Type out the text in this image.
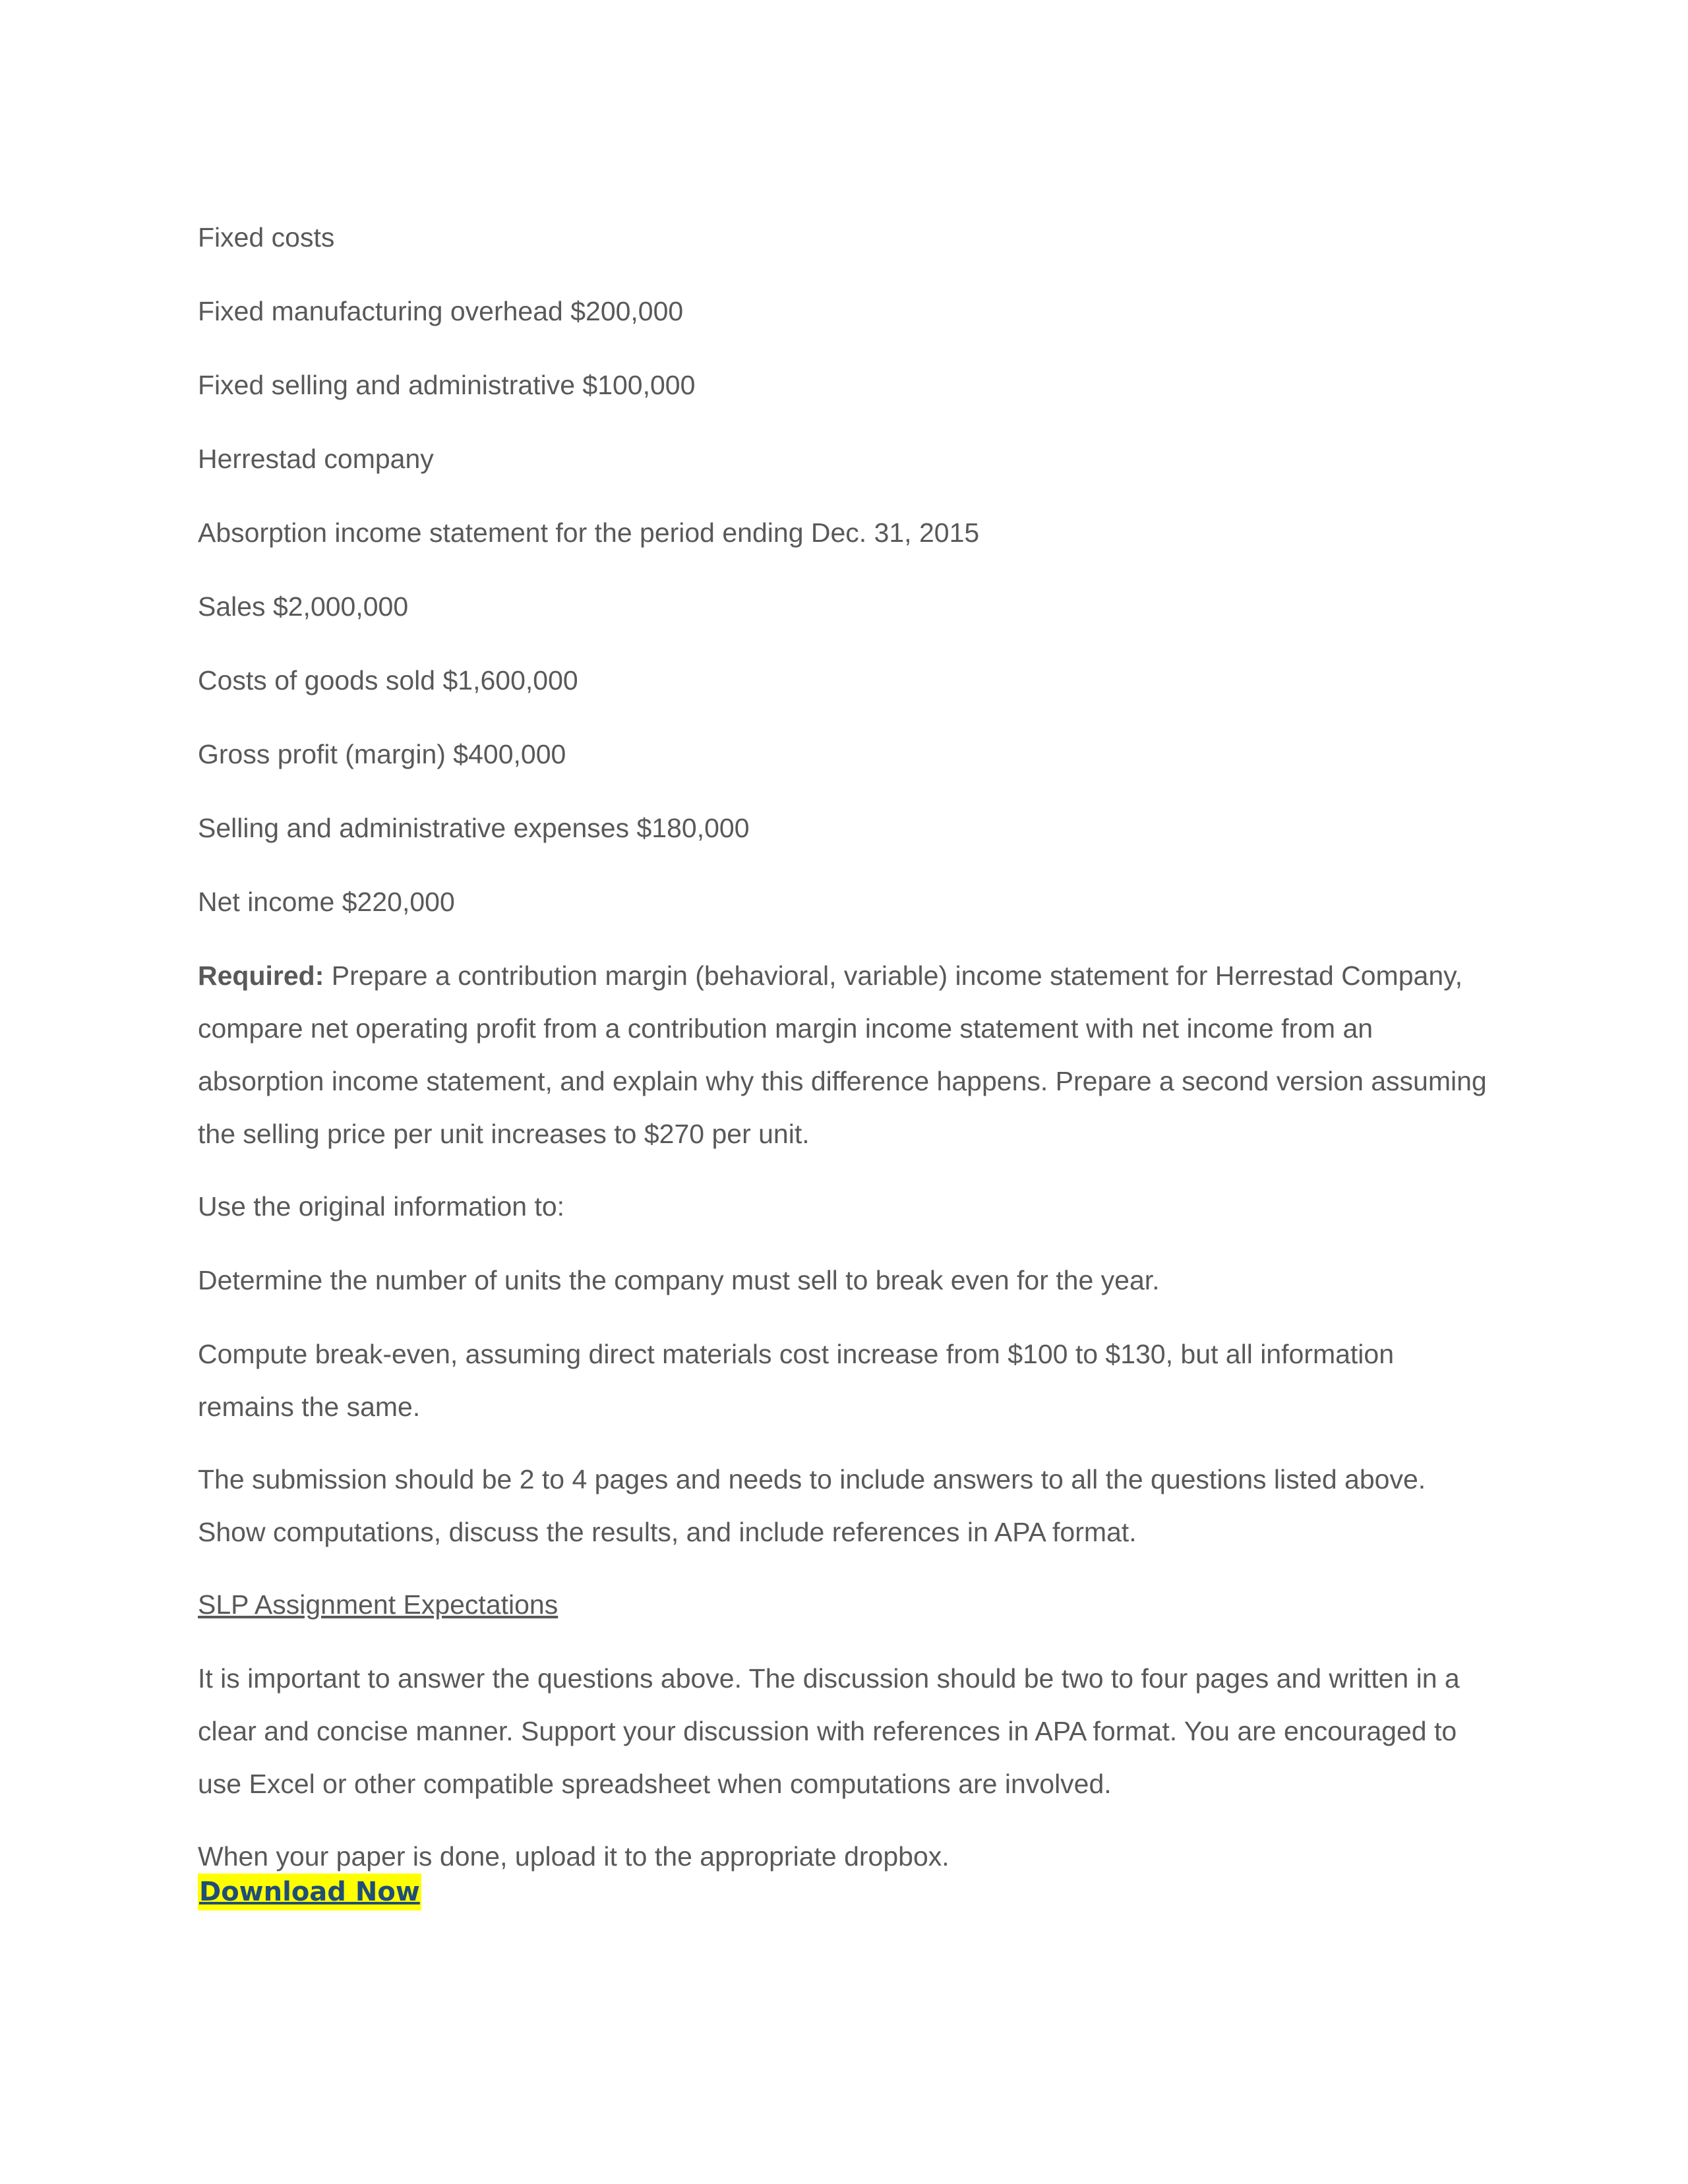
Fixed costs

Fixed manufacturing overhead $200,000

Fixed selling and administrative $100,000

Herrestad company

Absorption income statement for the period ending Dec. 31, 2015

Sales $2,000,000

Costs of goods sold $1,600,000

Gross profit (margin) $400,000

Selling and administrative expenses $180,000

Net income $220,000

Required: Prepare a contribution margin (behavioral, variable) income statement for Herrestad Company, compare net operating profit from a contribution margin income statement with net income from an absorption income statement, and explain why this difference happens. Prepare a second version assuming the selling price per unit increases to $270 per unit.

Use the original information to:

Determine the number of units the company must sell to break even for the year.

Compute break-even, assuming direct materials cost increase from $100 to $130, but all information remains the same.

The submission should be 2 to 4 pages and needs to include answers to all the questions listed above. Show computations, discuss the results, and include references in APA format.

SLP Assignment Expectations

It is important to answer the questions above. The discussion should be two to four pages and written in a clear and concise manner. Support your discussion with references in APA format. You are encouraged to use Excel or other compatible spreadsheet when computations are involved.

When your paper is done, upload it to the appropriate dropbox.

Download Now
